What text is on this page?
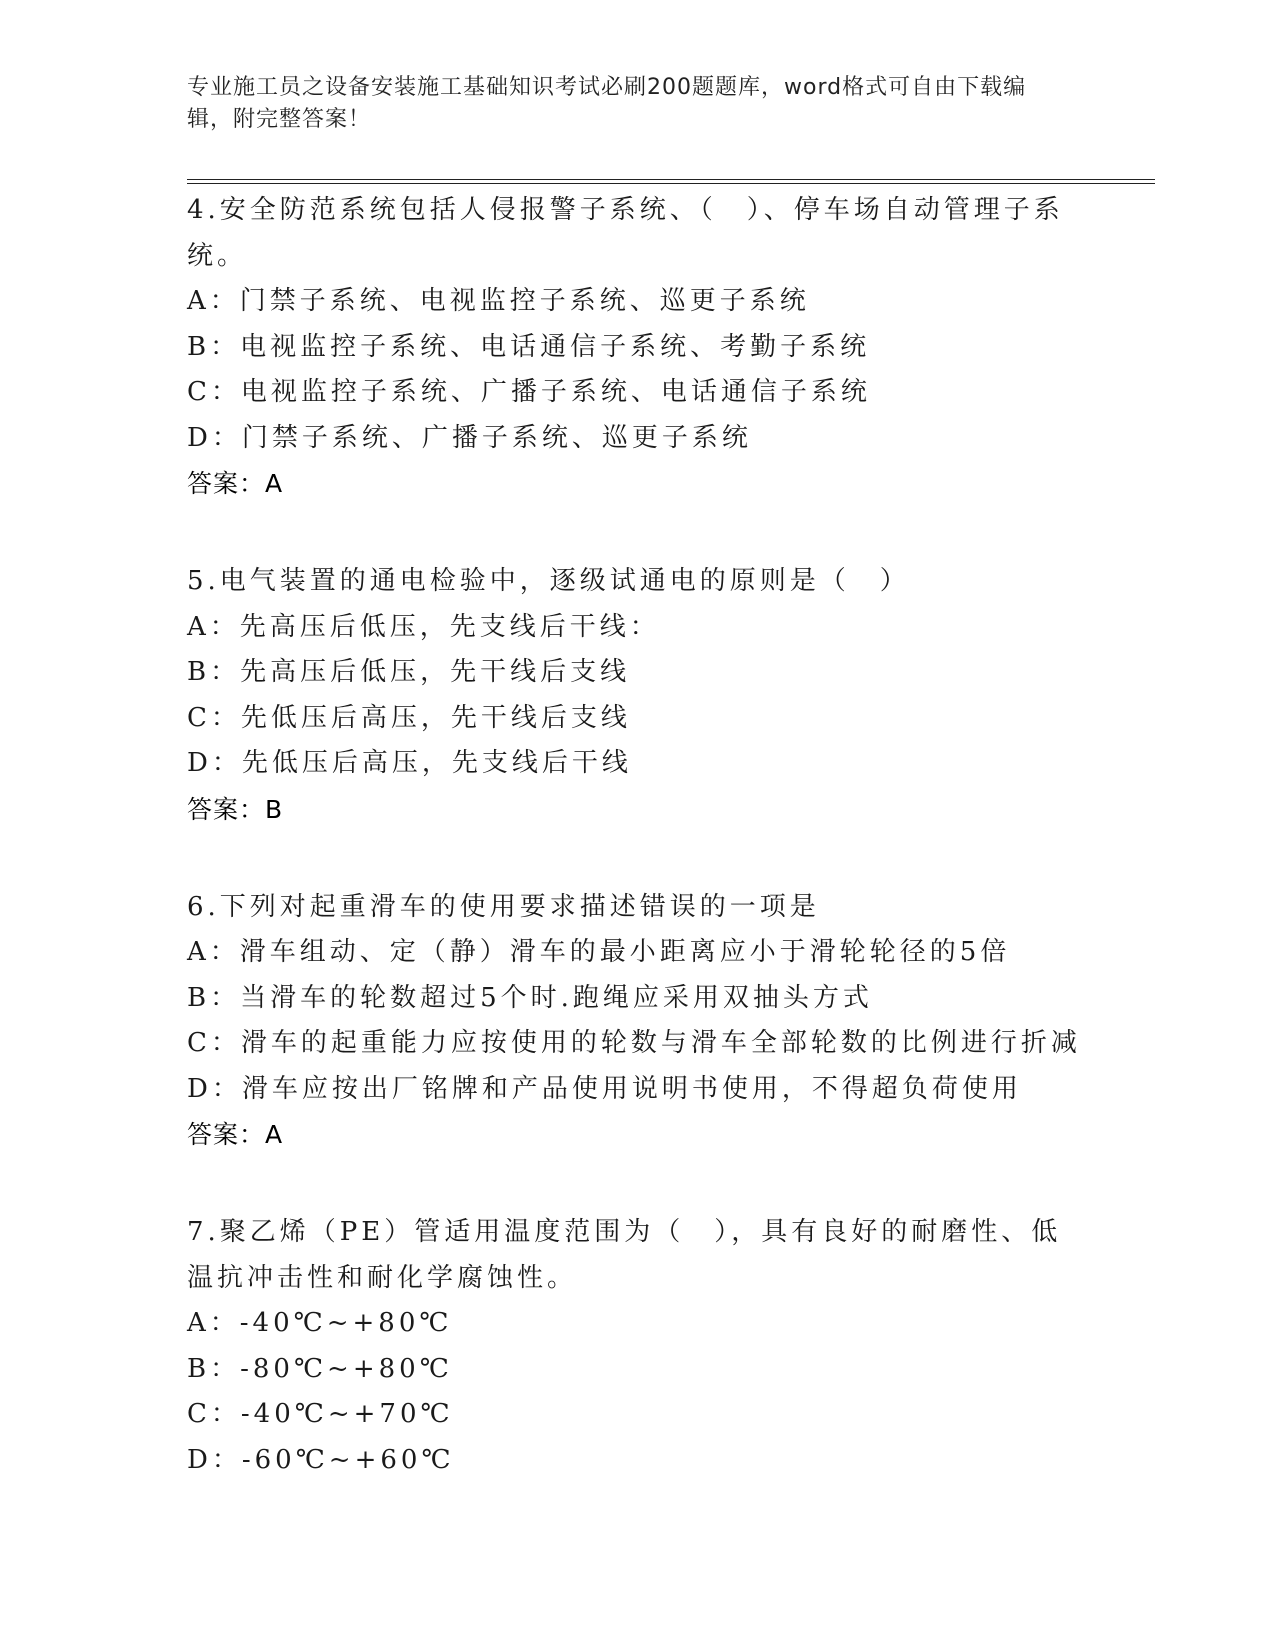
专业施工员之设备安装施工基础知识考试必刷200题题库，word格式可自由下载编辑，附完整答案！
4.安全防范系统包括人侵报警子系统、（　）、停车场自动管理子系统。
A：门禁子系统、电视监控子系统、巡更子系统
B：电视监控子系统、电话通信子系统、考勤子系统
C：电视监控子系统、广播子系统、电话通信子系统
D：门禁子系统、广播子系统、巡更子系统
答案：A
5.电气装置的通电检验中，逐级试通电的原则是（　）
A：先高压后低压，先支线后干线：
B：先高压后低压，先干线后支线
C：先低压后高压，先干线后支线
D：先低压后高压，先支线后干线
答案：B
6.下列对起重滑车的使用要求描述错误的一项是
A：滑车组动、定（静）滑车的最小距离应小于滑轮轮径的5倍
B：当滑车的轮数超过5个时.跑绳应采用双抽头方式
C：滑车的起重能力应按使用的轮数与滑车全部轮数的比例进行折减
D：滑车应按出厂铭牌和产品使用说明书使用，不得超负荷使用
答案：A
7.聚乙烯（PE）管适用温度范围为（　），具有良好的耐磨性、低温抗冲击性和耐化学腐蚀性。
A：-40℃~+80℃
B：-80℃~+80℃
C：-40℃~+70℃
D：-60℃~+60℃
